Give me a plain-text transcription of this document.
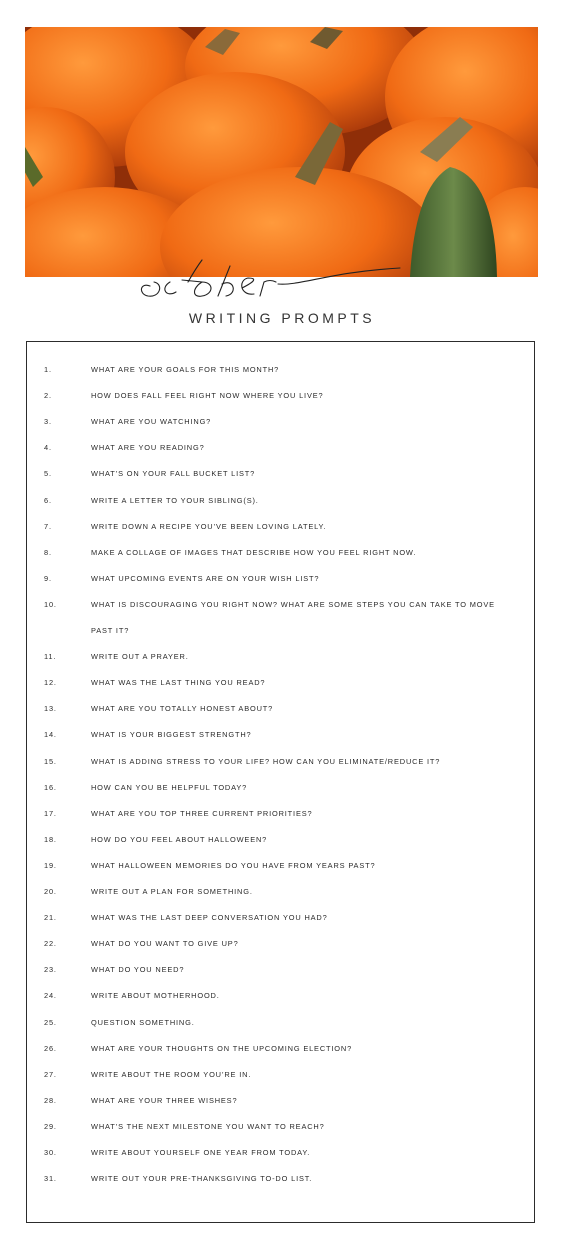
WRITING PROMPTS
1.	WHAT ARE YOUR GOALS FOR THIS MONTH?
2.	HOW DOES FALL FEEL RIGHT NOW WHERE YOU LIVE?
3.	WHAT ARE YOU WATCHING?
4.	WHAT ARE YOU READING?
5.	WHAT’S ON YOUR FALL BUCKET LIST?
6.	WRITE A LETTER TO YOUR SIBLING(S).
7.	WRITE DOWN A RECIPE YOU’VE BEEN LOVING LATELY.
8.	MAKE A COLLAGE OF IMAGES THAT DESCRIBE HOW YOU FEEL RIGHT NOW.
9.	WHAT UPCOMING EVENTS ARE ON YOUR WISH LIST?
10.	WHAT IS DISCOURAGING YOU RIGHT NOW? WHAT ARE SOME STEPS YOU CAN TAKE TO MOVE
PAST IT?
11.	WRITE OUT A PRAYER.
12.	WHAT WAS THE LAST THING YOU READ?
13.	WHAT ARE YOU TOTALLY HONEST ABOUT?
14.	WHAT IS YOUR BIGGEST STRENGTH?
15.	WHAT IS ADDING STRESS TO YOUR LIFE? HOW CAN YOU ELIMINATE/REDUCE IT?
16.	HOW CAN YOU BE HELPFUL TODAY?
17.	WHAT ARE YOU TOP THREE CURRENT PRIORITIES?
18.	HOW DO YOU FEEL ABOUT HALLOWEEN?
19.	WHAT HALLOWEEN MEMORIES DO YOU HAVE FROM YEARS PAST?
20.	WRITE OUT A PLAN FOR SOMETHING.
21.	WHAT WAS THE LAST DEEP CONVERSATION YOU HAD?
22.	WHAT DO YOU WANT TO GIVE UP?
23.	WHAT DO YOU NEED?
24.	WRITE ABOUT MOTHERHOOD.
25.	QUESTION SOMETHING.
26.	WHAT ARE YOUR THOUGHTS ON THE UPCOMING ELECTION?
27.	WRITE ABOUT THE ROOM YOU’RE IN.
28.	WHAT ARE YOUR THREE WISHES?
29.	WHAT’S THE NEXT MILESTONE YOU WANT TO REACH?
30.	WRITE ABOUT YOURSELF ONE YEAR FROM TODAY.
31.	WRITE OUT YOUR PRE-THANKSGIVING TO-DO LIST.
